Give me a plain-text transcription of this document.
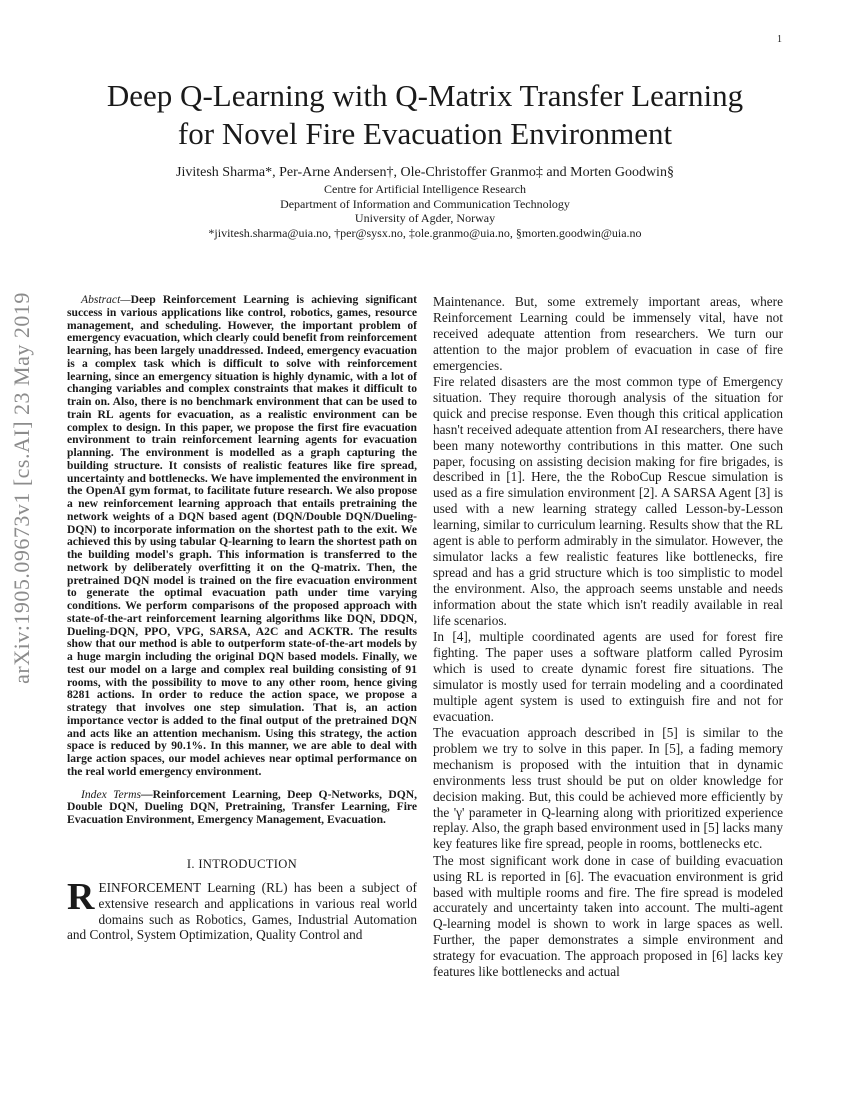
1
arXiv:1905.09673v1 [cs.AI] 23 May 2019
Deep Q-Learning with Q-Matrix Transfer Learning
for Novel Fire Evacuation Environment
Jivitesh Sharma*, Per-Arne Andersen†, Ole-Christoffer Granmo‡ and Morten Goodwin§
Centre for Artificial Intelligence Research
Department of Information and Communication Technology
University of Agder, Norway
*jivitesh.sharma@uia.no, †per@sysx.no, ‡ole.granmo@uia.no, §morten.goodwin@uia.no

Abstract—Deep Reinforcement Learning is achieving significant success in various applications like control, robotics, games, resource management, and scheduling. However, the important problem of emergency evacuation, which clearly could benefit from reinforcement learning, has been largely unaddressed. Indeed, emergency evacuation is a complex task which is difficult to solve with reinforcement learning, since an emergency situation is highly dynamic, with a lot of changing variables and complex constraints that makes it difficult to train on. Also, there is no benchmark environment that can be used to train RL agents for evacuation, as a realistic environment can be complex to design. In this paper, we propose the first fire evacuation environment to train reinforcement learning agents for evacuation planning. The environment is modelled as a graph capturing the building structure. It consists of realistic features like fire spread, uncertainty and bottlenecks. We have implemented the environment in the OpenAI gym format, to facilitate future research. We also propose a new reinforcement learning approach that entails pretraining the network weights of a DQN based agent (DQN/Double DQN/Dueling-DQN) to incorporate information on the shortest path to the exit. We achieved this by using tabular Q-learning to learn the shortest path on the building model's graph. This information is transferred to the network by deliberately overfitting it on the Q-matrix. Then, the pretrained DQN model is trained on the fire evacuation environment to generate the optimal evacuation path under time varying conditions. We perform comparisons of the proposed approach with state-of-the-art reinforcement learning algorithms like DQN, DDQN, Dueling-DQN, PPO, VPG, SARSA, A2C and ACKTR. The results show that our method is able to outperform state-of-the-art models by a huge margin including the original DQN based models. Finally, we test our model on a large and complex real building consisting of 91 rooms, with the possibility to move to any other room, hence giving 8281 actions. In order to reduce the action space, we propose a strategy that involves one step simulation. That is, an action importance vector is added to the final output of the pretrained DQN and acts like an attention mechanism. Using this strategy, the action space is reduced by 90.1%. In this manner, we are able to deal with large action spaces, our model achieves near optimal performance on the real world emergency environment.

Index Terms—Reinforcement Learning, Deep Q-Networks, DQN, Double DQN, Dueling DQN, Pretraining, Transfer Learning, Fire Evacuation Environment, Emergency Management, Evacuation.

I. INTRODUCTION

REINFORCEMENT Learning (RL) has been a subject of extensive research and applications in various real world domains such as Robotics, Games, Industrial Automation and Control, System Optimization, Quality Control and

Maintenance. But, some extremely important areas, where Reinforcement Learning could be immensely vital, have not received adequate attention from researchers. We turn our attention to the major problem of evacuation in case of fire emergencies.

Fire related disasters are the most common type of Emergency situation. They require thorough analysis of the situation for quick and precise response. Even though this critical application hasn't received adequate attention from AI researchers, there have been many noteworthy contributions in this matter. One such paper, focusing on assisting decision making for fire brigades, is described in [1]. Here, the the RoboCup Rescue simulation is used as a fire simulation environment [2]. A SARSA Agent [3] is used with a new learning strategy called Lesson-by-Lesson learning, similar to curriculum learning. Results show that the RL agent is able to perform admirably in the simulator. However, the simulator lacks a few realistic features like bottlenecks, fire spread and has a grid structure which is too simplistic to model the environment. Also, the approach seems unstable and needs information about the state which isn't readily available in real life scenarios.

In [4], multiple coordinated agents are used for forest fire fighting. The paper uses a software platform called Pyrosim which is used to create dynamic forest fire situations. The simulator is mostly used for terrain modeling and a coordinated multiple agent system is used to extinguish fire and not for evacuation.

The evacuation approach described in [5] is similar to the problem we try to solve in this paper. In [5], a fading memory mechanism is proposed with the intuition that in dynamic environments less trust should be put on older knowledge for decision making. But, this could be achieved more efficiently by the 'γ' parameter in Q-learning along with prioritized experience replay. Also, the graph based environment used in [5] lacks many key features like fire spread, people in rooms, bottlenecks etc.

The most significant work done in case of building evacuation using RL is reported in [6]. The evacuation environment is grid based with multiple rooms and fire. The fire spread is modeled accurately and uncertainty taken into account. The multi-agent Q-learning model is shown to work in large spaces as well. Further, the paper demonstrates a simple environment and strategy for evacuation. The approach proposed in [6] lacks key features like bottlenecks and actual
